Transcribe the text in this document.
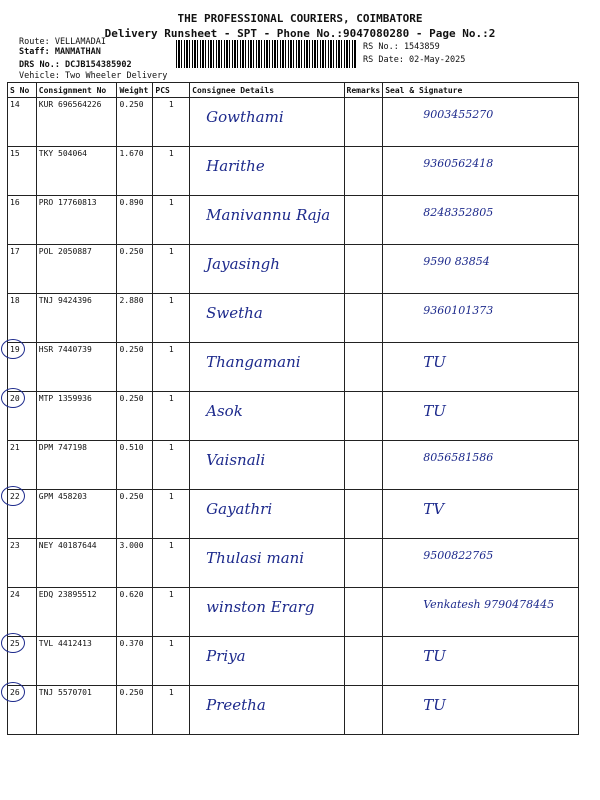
THE PROFESSIONAL COURIERS, COIMBATORE
Delivery Runsheet - SPT - Phone No.:9047080280 - Page No.:2
Route: VELLAMADAI
Staff: MANMATHAN
DRS No.: DCJB154385902
Vehicle: Two Wheeler Delivery
RS No.: 1543859
RS Date: 02-May-2025
S No	Consignment No	Weight	PCS	Consignee Details	Remarks	Seal & Signature
14	KUR 696564226	0.250	1	Gowthami		9003455270
15	TKY 504064	1.670	1	Harithe		9360562418
16	PRO 17760813	0.890	1	Manivannu Raja		8248352805
17	POL 2050887	0.250	1	Jayasingh		9590 83854
18	TNJ 9424396	2.880	1	Swetha		9360101373

19	HSR 7440739	0.250	1	Thangamani		TU

20	MTP 1359936	0.250	1	Asok		TU
21	DPM 747198	0.510	1	Vaisnali		8056581586

22	GPM 458203	0.250	1	Gayathri		TV
23	NEY 40187644	3.000	1	Thulasi mani		9500822765
24	EDQ 23895512	0.620	1	winston Erarg		Venkatesh 9790478445

25	TVL 4412413	0.370	1	Priya		TU

26	TNJ 5570701	0.250	1	Preetha		TU
